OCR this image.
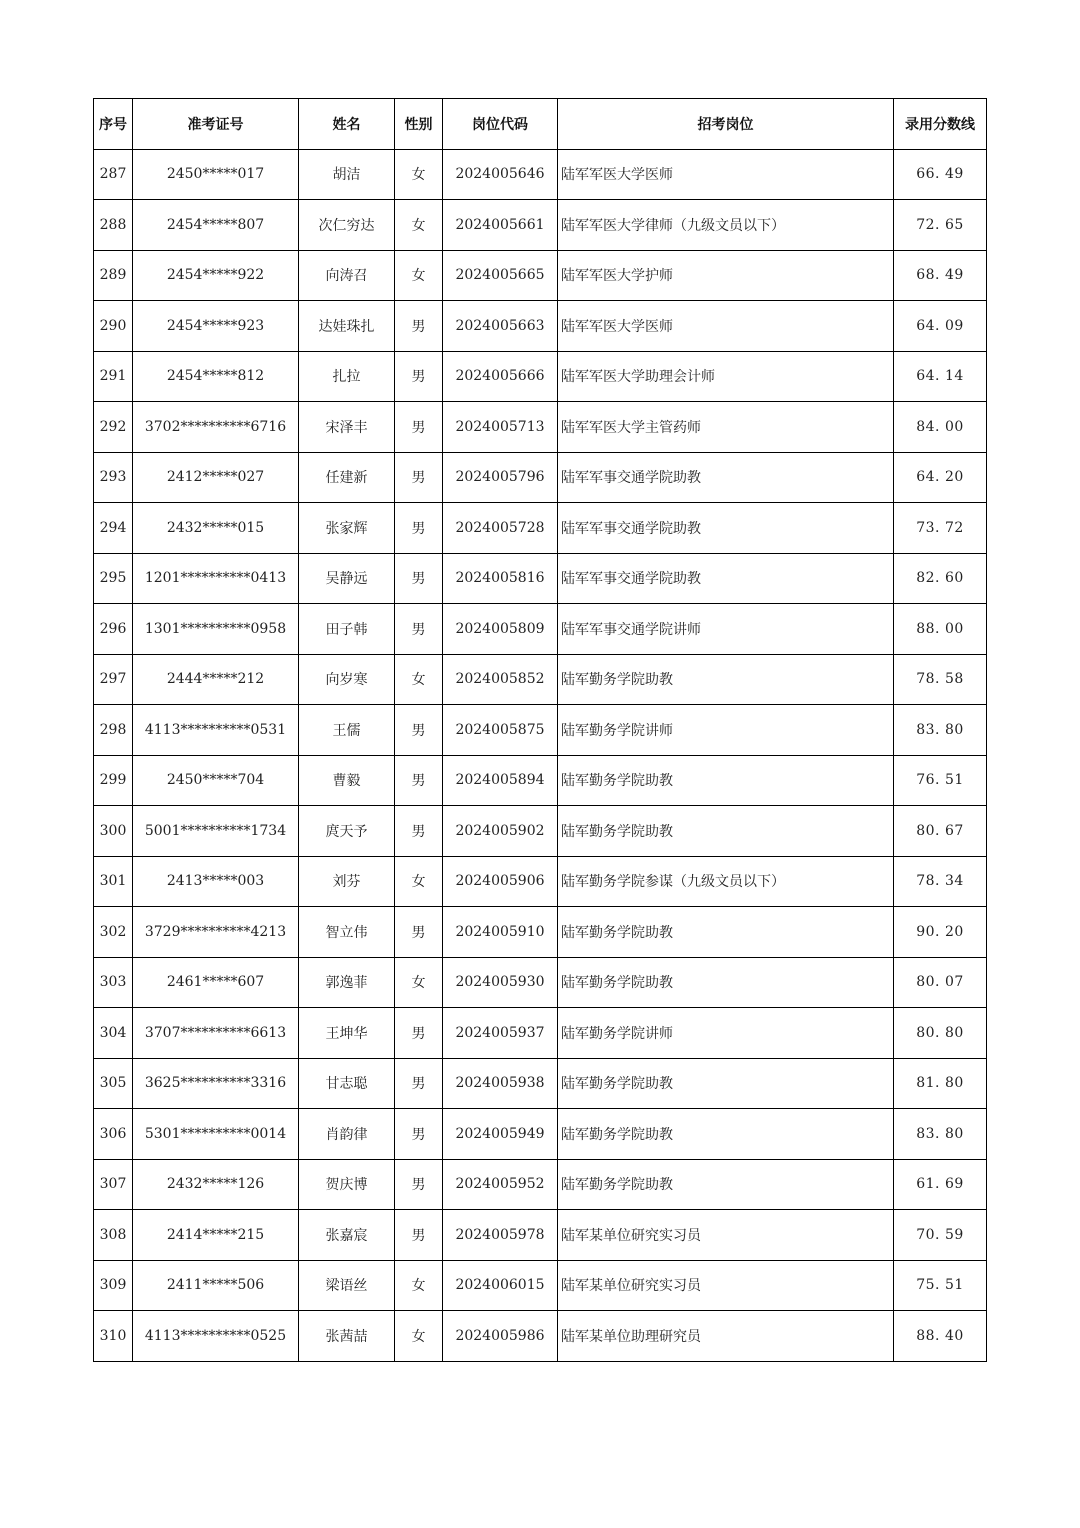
序号	准考证号	姓名	性别	岗位代码	招考岗位	录用分数线
287	2450*****017	胡洁	女	2024005646	陆军军医大学医师	66. 49
288	2454*****807	次仁穷达	女	2024005661	陆军军医大学律师（九级文员以下）	72. 65
289	2454*****922	向涛召	女	2024005665	陆军军医大学护师	68. 49
290	2454*****923	达娃珠扎	男	2024005663	陆军军医大学医师	64. 09
291	2454*****812	扎拉	男	2024005666	陆军军医大学助理会计师	64. 14
292	3702**********6716	宋泽丰	男	2024005713	陆军军医大学主管药师	84. 00
293	2412*****027	任建新	男	2024005796	陆军军事交通学院助教	64. 20
294	2432*****015	张家辉	男	2024005728	陆军军事交通学院助教	73. 72
295	1201**********0413	吴静远	男	2024005816	陆军军事交通学院助教	82. 60
296	1301**********0958	田子韩	男	2024005809	陆军军事交通学院讲师	88. 00
297	2444*****212	向岁寒	女	2024005852	陆军勤务学院助教	78. 58
298	4113**********0531	王儒	男	2024005875	陆军勤务学院讲师	83. 80
299	2450*****704	曹毅	男	2024005894	陆军勤务学院助教	76. 51
300	5001**********1734	庹天予	男	2024005902	陆军勤务学院助教	80. 67
301	2413*****003	刘芬	女	2024005906	陆军勤务学院参谋（九级文员以下）	78. 34
302	3729**********4213	智立伟	男	2024005910	陆军勤务学院助教	90. 20
303	2461*****607	郭逸菲	女	2024005930	陆军勤务学院助教	80. 07
304	3707**********6613	王坤华	男	2024005937	陆军勤务学院讲师	80. 80
305	3625**********3316	甘志聪	男	2024005938	陆军勤务学院助教	81. 80
306	5301**********0014	肖韵律	男	2024005949	陆军勤务学院助教	83. 80
307	2432*****126	贺庆博	男	2024005952	陆军勤务学院助教	61. 69
308	2414*****215	张嘉宸	男	2024005978	陆军某单位研究实习员	70. 59
309	2411*****506	梁语丝	女	2024006015	陆军某单位研究实习员	75. 51
310	4113**********0525	张茜喆	女	2024005986	陆军某单位助理研究员	88. 40
